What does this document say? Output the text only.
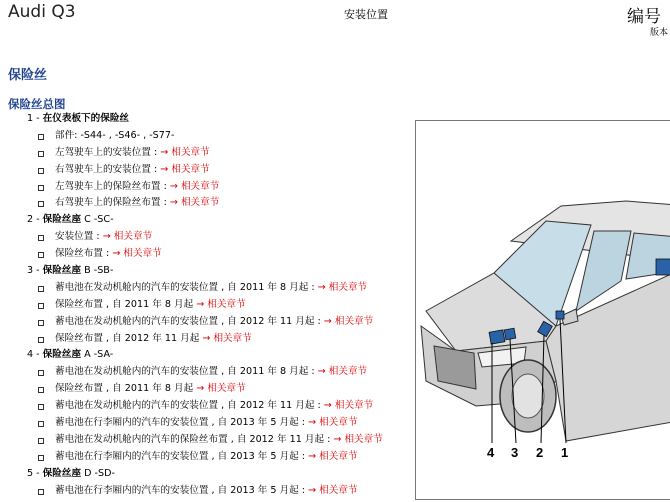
Audi Q3	安装位置	编号
版本
保险丝
保险丝总图
1 - 在仪表板下的保险丝
部件: -S44- , -S46- , -S77-
左驾驶车上的安装位置 : → 相关章节
右驾驶车上的安装位置 : → 相关章节
左驾驶车上的保险丝布置 : → 相关章节
右驾驶车上的保险丝布置 : → 相关章节
2 - 保险丝座 C -SC-
安装位置 : → 相关章节
保险丝布置 : → 相关章节
3 - 保险丝座 B -SB-
蓄电池在发动机舱内的汽车的安装位置 , 自 2011 年 8 月起 : → 相关章节
保险丝布置 , 自 2011 年 8 月起 → 相关章节
蓄电池在发动机舱内的汽车的安装位置 , 自 2012 年 11 月起 : → 相关章节
保险丝布置 , 自 2012 年 11 月起 → 相关章节
4 - 保险丝座 A -SA-
蓄电池在发动机舱内的汽车的安装位置 , 自 2011 年 8 月起 : → 相关章节
保险丝布置 , 自 2011 年 8 月起 → 相关章节
蓄电池在发动机舱内的汽车的安装位置 , 自 2012 年 11 月起 : → 相关章节
蓄电池在行李厢内的汽车的安装位置 , 自 2013 年 5 月起 : → 相关章节
蓄电池在发动机舱内的汽车的保险丝布置 , 自 2012 年 11 月起 : → 相关章节
蓄电池在行李厢内的汽车的安装位置 , 自 2013 年 5 月起 : → 相关章节
5 - 保险丝座 D -SD-
蓄电池在行李厢内的汽车的安装位置 , 自 2013 年 5 月起 : → 相关章节
4 3 2 1
